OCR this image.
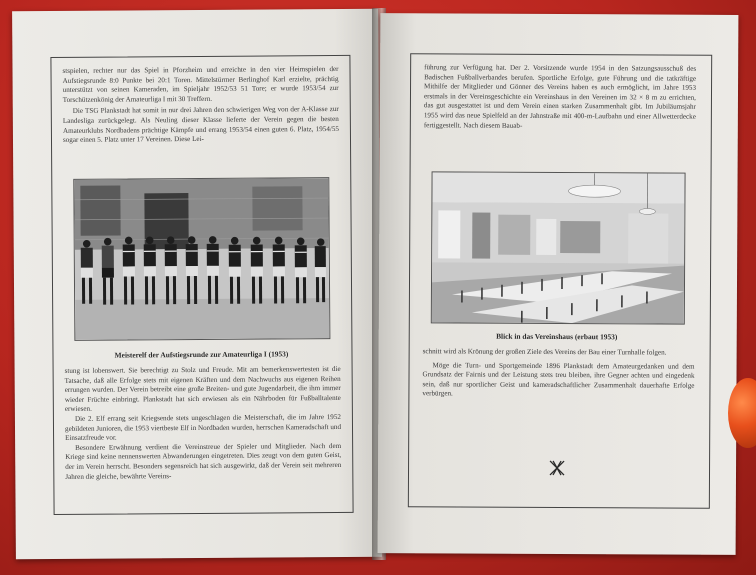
stspielen, rechter nur das Spiel in Pforzheim und erreichte in den vier Heimspielen der Aufstiegsrunde 8:0 Punkte bei 20:1 Toren. Mittelstürmer Berlinghof Karl erzielte, prächtig unterstützt von seinen Kameraden, im Spieljahr 1952/53 51 Tore; er wurde 1953/54 zur Torschützenkönig der Amateurliga I mit 30 Treffern.

Die TSG Plankstadt hat somit in nur drei Jahren den schwierigen Weg von der A-Klasse zur Landesliga zurückgelegt. Als Neuling dieser Klasse lieferte der Verein gegen die besten Amateurklubs Nordbadens prächtige Kämpfe und errang 1953/54 einen guten 6. Platz, 1954/55 sogar einen 5. Platz unter 17 Vereinen. Diese Lei-

Meisterelf der Aufstiegsrunde zur Amateurliga I (1953)

stung ist lobenswert. Sie berechtigt zu Stolz und Freude. Mit am bemerkenswertesten ist die Tatsache, daß alle Erfolge stets mit eigenen Kräften und dem Nachwuchs aus eigenen Reihen errungen wurden. Der Verein betreibt eine große Breiten- und gute Jugendarbeit, die ihm immer wieder Früchte einbringt. Plankstadt hat sich erwiesen als ein Nährboden für Fußballtalente erwiesen.

Die 2. Elf errang seit Kriegsende stets ungeschlagen die Meisterschaft, die im Jahre 1952 gebildeten Junioren, die 1953 viertbeste Elf in Nordbaden wurden, herrschen Kameradschaft und Einsatzfreude vor.

Besondere Erwähnung verdient die Vereinstreue der Spieler und Mitglieder. Nach dem Kriege sind keine nennenswerten Abwanderungen eingetreten. Dies zeugt von dem guten Geist, der im Verein herrscht. Besonders segensreich hat sich ausgewirkt, daß der Verein seit mehreren Jahren die gleiche, bewährte Vereins-

führung zur Verfügung hat. Der 2. Vorsitzende wurde 1954 in den Satzungsausschuß des Badischen Fußballverbandes berufen. Sportliche Erfolge, gute Führung und die tatkräftige Mithilfe der Mitglieder und Gönner des Vereins haben es auch ermöglicht, im Jahre 1953 erstmals in der Vereinsgeschichte ein Vereinshaus in den Vereinen im 32 × 8 m zu errichten, das gut ausgestattet ist und dem Verein einen starken Zusammenhalt gibt. Im Jubiläumsjahr 1955 wird das neue Spielfeld an der Jahnstraße mit 400-m-Laufbahn und einer Allwetterdecke fertiggestellt. Nach diesem Bauab-

Blick in das Vereinshaus (erbaut 1953)

schnitt wird als Krönung der großen Ziele des Vereins der Bau einer Turnhalle folgen.

Möge die Turn- und Sportgemeinde 1896 Plankstadt dem Amateurgedanken und dem Grundsatz der Fairnis und der Leistung stets treu bleiben, ihre Gegner achten und eingedenk sein, daß nur sportlicher Geist und kameradschaftlicher Zusammenhalt dauerhafte Erfolge verbürgen.
